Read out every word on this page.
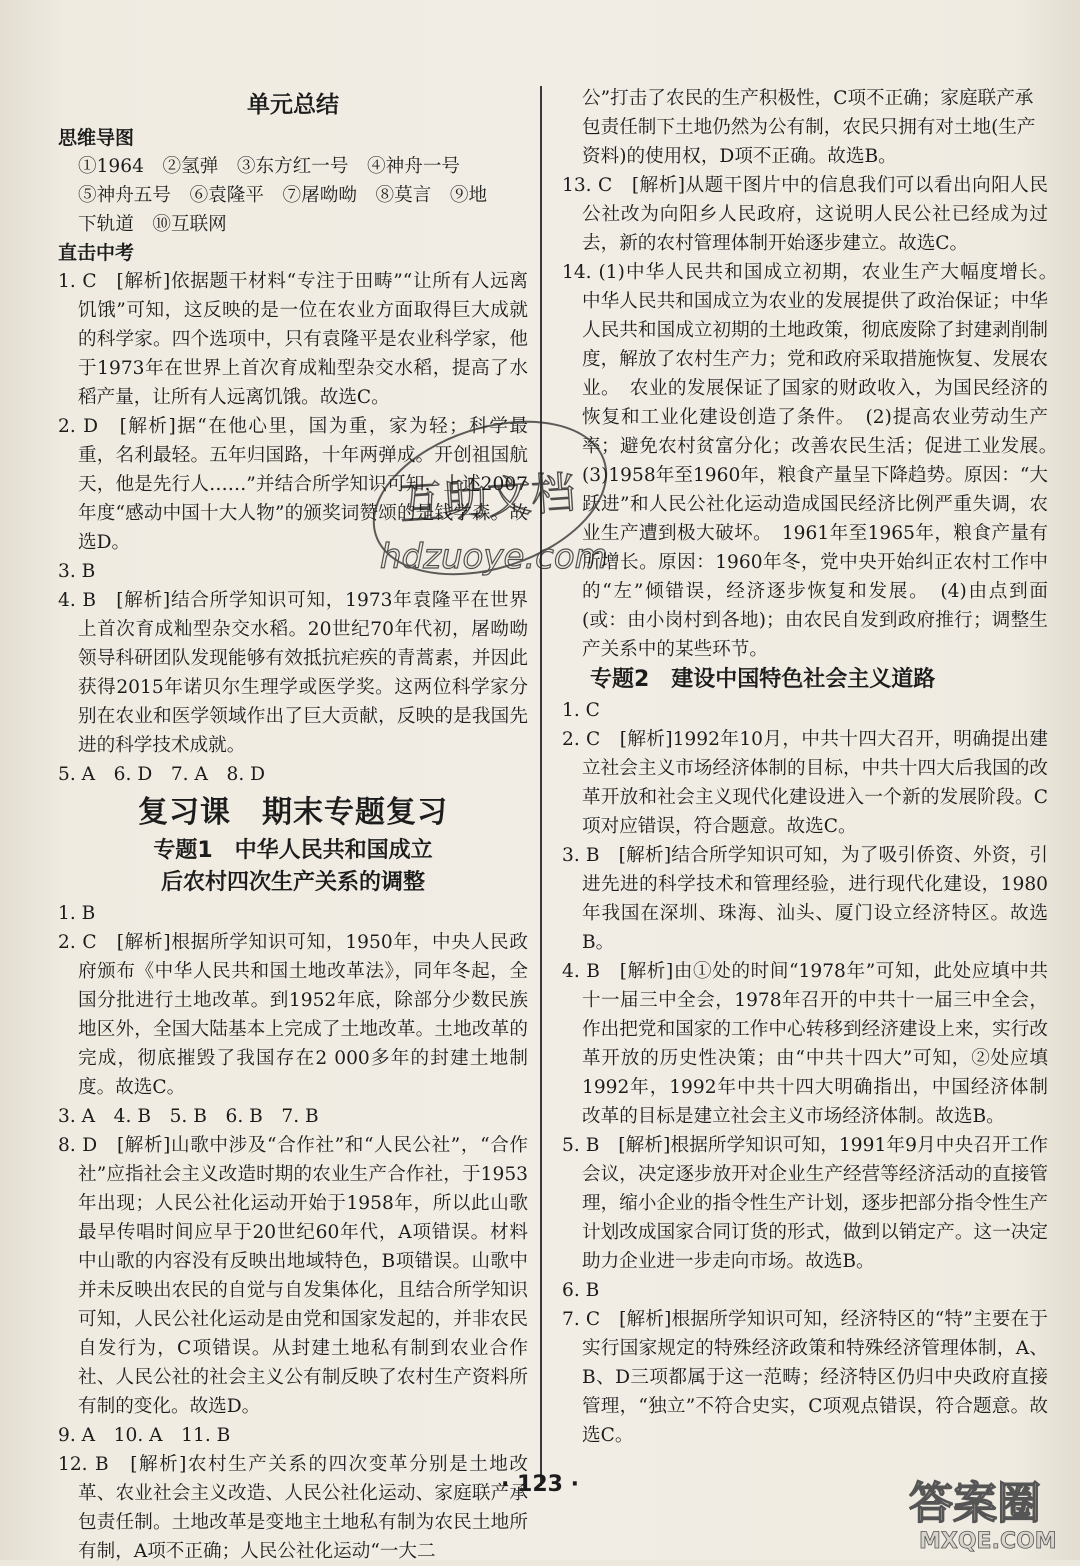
单元总结
思维导图

①1964　②氢弹　③东方红一号　④神舟一号

⑤神舟五号　⑥袁隆平　⑦屠呦呦　⑧莫言　⑨地

下轨道　⑩互联网

直击中考

1. C　[解析]依据题干材料“专注于田畴”“让所有人远离饥饿”可知，这反映的是一位在农业方面取得巨大成就的科学家。四个选项中，只有袁隆平是农业科学家，他于1973年在世界上首次育成籼型杂交水稻，提高了水稻产量，让所有人远离饥饿。故选C。

2. D　[解析]据“在他心里，国为重，家为轻；科学最重，名利最轻。五年归国路，十年两弹成。开创祖国航天，他是先行人……”并结合所学知识可知，上述2007年度“感动中国十大人物”的颁奖词赞颂的是钱学森。故选D。

3. B

4. B　[解析]结合所学知识可知，1973年袁隆平在世界上首次育成籼型杂交水稻。20世纪70年代初，屠呦呦领导科研团队发现能够有效抵抗疟疾的青蒿素，并因此获得2015年诺贝尔生理学或医学奖。这两位科学家分别在农业和医学领域作出了巨大贡献，反映的是我国先进的科学技术成就。

5. A　6. D　7. A　8. D

复习课　期末专题复习
专题1　中华人民共和国成立
后农村四次生产关系的调整

1. B

2. C　[解析]根据所学知识可知，1950年，中央人民政府颁布《中华人民共和国土地改革法》，同年冬起，全国分批进行土地改革。到1952年底，除部分少数民族地区外，全国大陆基本上完成了土地改革。土地改革的完成，彻底摧毁了我国存在2 000多年的封建土地制度。故选C。

3. A　4. B　5. B　6. B　7. B

8. D　[解析]山歌中涉及“合作社”和“人民公社”，“合作社”应指社会主义改造时期的农业生产合作社，于1953年出现；人民公社化运动开始于1958年，所以此山歌最早传唱时间应早于20世纪60年代，A项错误。材料中山歌的内容没有反映出地域特色，B项错误。山歌中并未反映出农民的自觉与自发集体化，且结合所学知识可知，人民公社化运动是由党和国家发起的，并非农民自发行为，C项错误。从封建土地私有制到农业合作社、人民公社的社会主义公有制反映了农村生产资料所有制的变化。故选D。

9. A　10. A　11. B

12. B　[解析]农村生产关系的四次变革分别是土地改革、农业社会主义改造、人民公社化运动、家庭联产承包责任制。土地改革是变地主土地私有制为农民土地所有制，A项不正确；人民公社化运动“一大二

公”打击了农民的生产积极性，C项不正确；家庭联产承包责任制下土地仍然为公有制，农民只拥有对土地(生产资料)的使用权，D项不正确。故选B。

13. C　[解析]从题干图片中的信息我们可以看出向阳人民公社改为向阳乡人民政府，这说明人民公社已经成为过去，新的农村管理体制开始逐步建立。故选C。

14. (1)中华人民共和国成立初期，农业生产大幅度增长。　中华人民共和国成立为农业的发展提供了政治保证；中华人民共和国成立初期的土地政策，彻底废除了封建剥削制度，解放了农村生产力；党和政府采取措施恢复、发展农业。　农业的发展保证了国家的财政收入，为国民经济的恢复和工业化建设创造了条件。　(2)提高农业劳动生产率；避免农村贫富分化；改善农民生活；促进工业发展。　(3)1958年至1960年，粮食产量呈下降趋势。原因：“大跃进”和人民公社化运动造成国民经济比例严重失调，农业生产遭到极大破坏。　1961年至1965年，粮食产量有所增长。原因：1960年冬，党中央开始纠正农村工作中的“左”倾错误，经济逐步恢复和发展。　(4)由点到面(或：由小岗村到各地)；由农民自发到政府推行；调整生产关系中的某些环节。

专题2　建设中国特色社会主义道路

1. C

2. C　[解析]1992年10月，中共十四大召开，明确提出建立社会主义市场经济体制的目标，中共十四大后我国的改革开放和社会主义现代化建设进入一个新的发展阶段。C项对应错误，符合题意。故选C。

3. B　[解析]结合所学知识可知，为了吸引侨资、外资，引进先进的科学技术和管理经验，进行现代化建设，1980年我国在深圳、珠海、汕头、厦门设立经济特区。故选B。

4. B　[解析]由①处的时间“1978年”可知，此处应填中共十一届三中全会，1978年召开的中共十一届三中全会，作出把党和国家的工作中心转移到经济建设上来，实行改革开放的历史性决策；由“中共十四大”可知，②处应填1992年，1992年中共十四大明确指出，中国经济体制改革的目标是建立社会主义市场经济体制。故选B。

5. B　[解析]根据所学知识可知，1991年9月中央召开工作会议，决定逐步放开对企业生产经营等经济活动的直接管理，缩小企业的指令性生产计划，逐步把部分指令性生产计划改成国家合同订货的形式，做到以销定产。这一决定助力企业进一步走向市场。故选B。

6. B

7. C　[解析]根据所学知识可知，经济特区的“特”主要在于实行国家规定的特殊经济政策和特殊经济管理体制，A、B、D三项都属于这一范畴；经济特区仍归中央政府直接管理，“独立”不符合史实，C项观点错误，符合题意。故选C。

互助文档
hdzuoye.com
· 123 ·	答案圈
MXQE.COM
